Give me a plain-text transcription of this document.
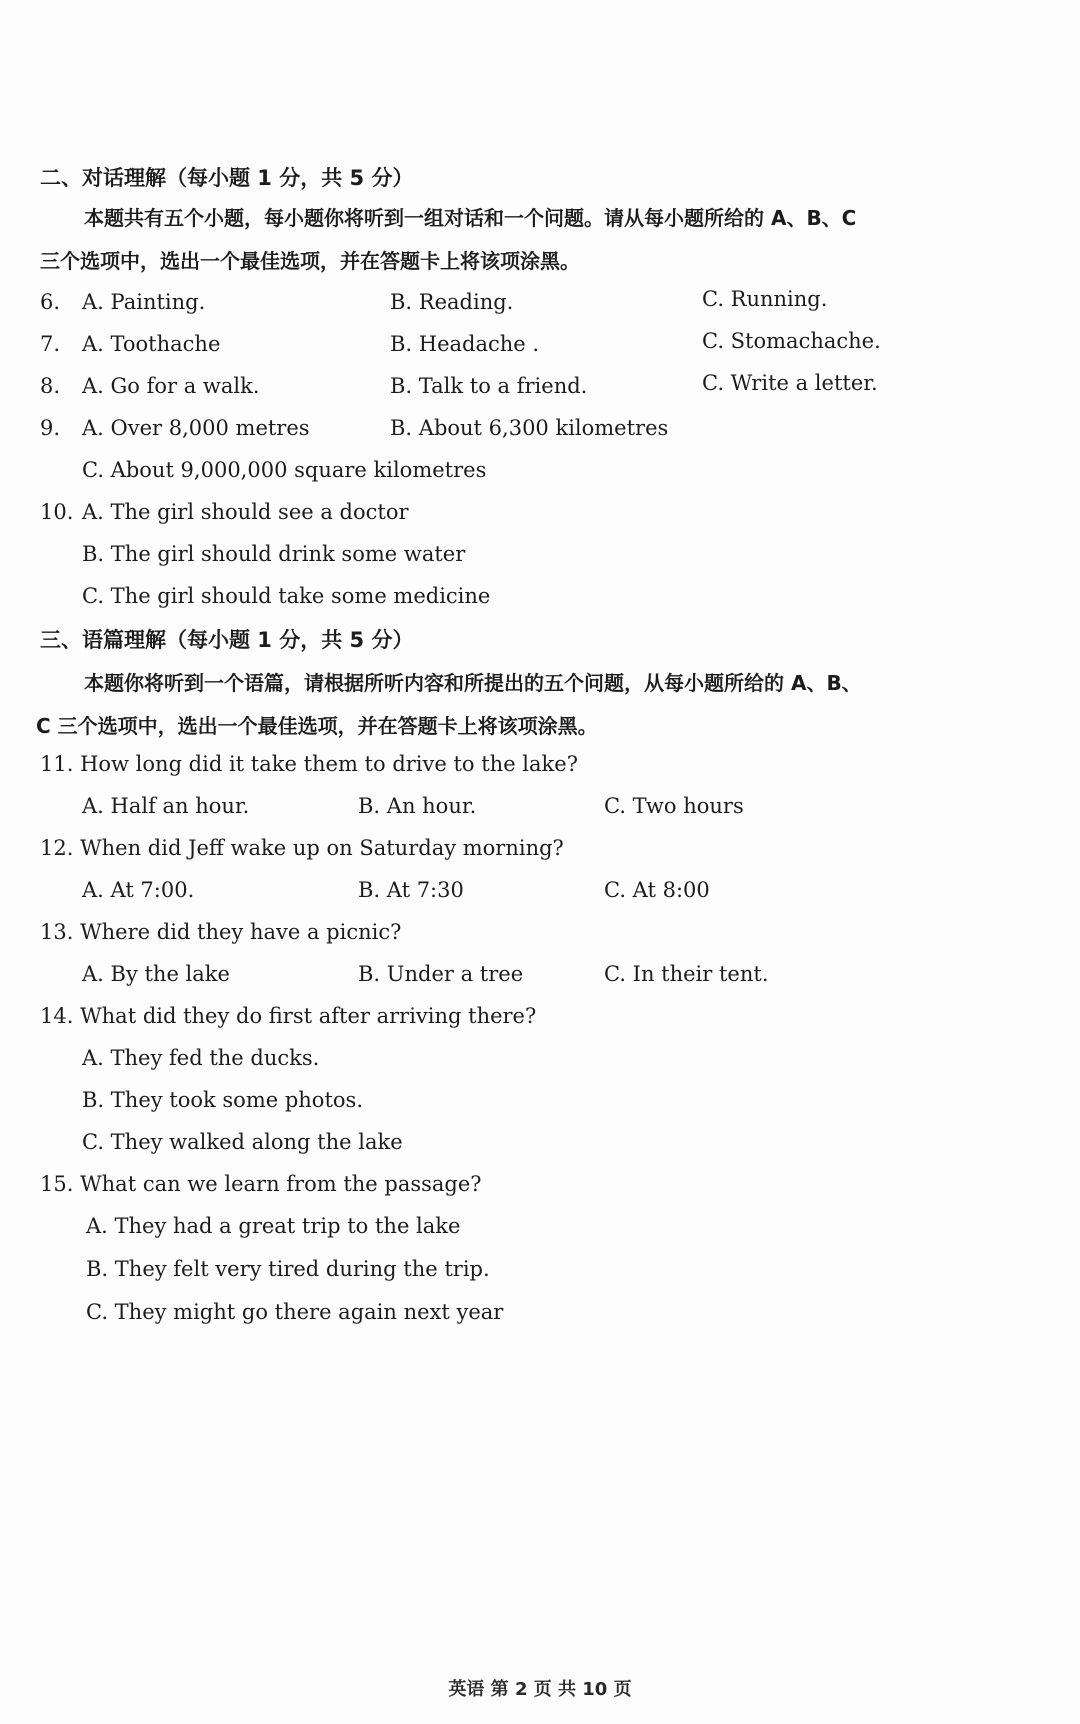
二、对话理解（每小题 1 分，共 5 分）
本题共有五个小题，每小题你将听到一组对话和一个问题。请从每小题所给的 A、B、C
三个选项中，选出一个最佳选项，并在答题卡上将该项涂黑。
6. A. Painting.	B. Reading.	C. Running.
7. A. Toothache	B. Headache .	C. Stomachache.
8. A. Go for a walk.	B. Talk to a friend.	C. Write a letter.
9. A. Over 8,000 metres	B. About 6,300 kilometres
C. About 9,000,000 square kilometres
10. A. The girl should see a doctor
B. The girl should drink some water
C. The girl should take some medicine
三、语篇理解（每小题 1 分，共 5 分）
本题你将听到一个语篇，请根据所听内容和所提出的五个问题，从每小题所给的 A、B、
C 三个选项中，选出一个最佳选项，并在答题卡上将该项涂黑。
11. How long did it take them to drive to the lake?
A. Half an hour.	B. An hour.	C. Two hours
12. When did Jeff wake up on Saturday morning?
A. At 7:00.	B. At 7:30	C. At 8:00
13. Where did they have a picnic?
A. By the lake	B. Under a tree	C. In their tent.
14. What did they do first after arriving there?
A. They fed the ducks.
B. They took some photos.
C. They walked along the lake
15. What can we learn from the passage?
A. They had a great trip to the lake
B. They felt very tired during the trip.
C. They might go there again next year
英语 第 2 页 共 10 页
